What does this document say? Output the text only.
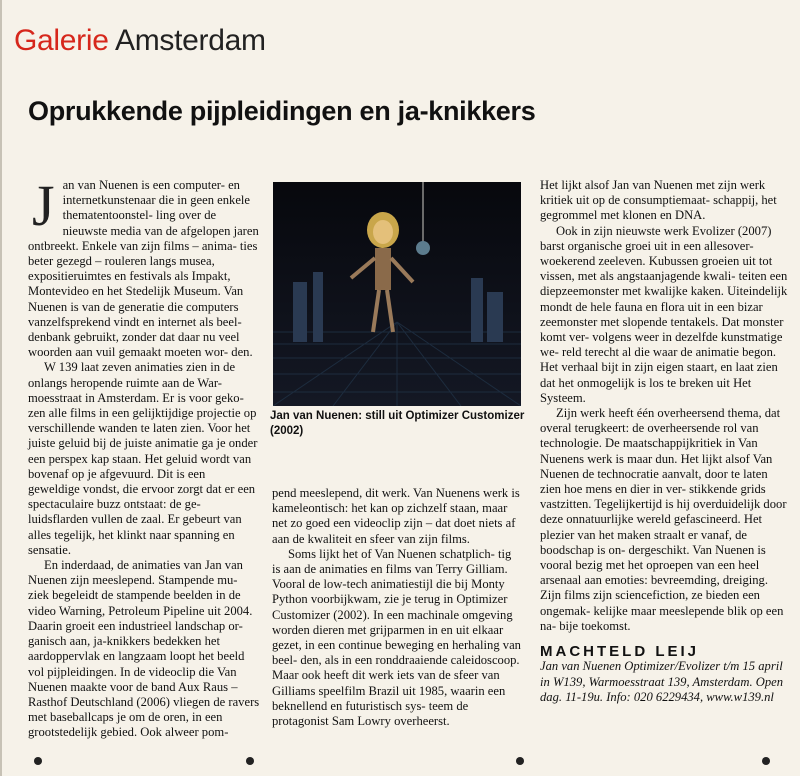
Galerie Amsterdam
Oprukkende pijpleidingen en ja-knikkers
J an van Nuenen is een computer- en internetkunstenaar die in geen enkele thematentoonstel- ling over de nieuwste media van de afgelopen jaren ontbreekt. Enkele van zijn films – anima- ties beter gezegd – rouleren langs musea, expositieruimtes en festivals als Impakt, Montevideo en het Stedelijk Museum. Van Nuenen is van de generatie die computers vanzelfsprekend vindt en internet als beel- denbank gebruikt, zonder dat daar nu veel woorden aan vuil gemaakt moeten wor- den.

W 139 laat zeven animaties zien in de onlangs heropende ruimte aan de War- moesstraat in Amsterdam. Er is voor geko- zen alle films in een gelijktijdige projectie op verschillende wanden te laten zien. Voor het juiste geluid bij de juiste animatie ga je onder een perspex kap staan. Het geluid wordt van bovenaf op je afgevuurd. Dit is een geweldige vondst, die ervoor zorgt dat er een spectaculaire buzz ontstaat: de ge- luidsflarden vullen de zaal. Er gebeurt van alles tegelijk, het klinkt naar spanning en sensatie.

En inderdaad, de animaties van Jan van Nuenen zijn meeslepend. Stampende mu- ziek begeleidt de stampende beelden in de video Warning, Petroleum Pipeline uit 2004. Daarin groeit een industrieel landschap or- ganisch aan, ja-knikkers bedekken het aardoppervlak en langzaam loopt het beeld vol pijpleidingen. In de videoclip die Van Nuenen maakte voor de band Aux Raus – Rasthof Deutschland (2006) vliegen de ravers met baseballcaps je om de oren, in een grootstedelijk gebied. Ook alweer pom-

Jan van Nuenen: still uit Optimizer Customizer (2002)

pend meeslepend, dit werk. Van Nuenens werk is kameleontisch: het kan op zichzelf staan, maar net zo goed een videoclip zijn – dat doet niets af aan de kwaliteit en sfeer van zijn films.

Soms lijkt het of Van Nuenen schatplich- tig is aan de animaties en films van Terry Gilliam. Vooral de low-tech animatiestijl die bij Monty Python voorbijkwam, zie je terug in Optimizer Customizer (2002). In een machinale omgeving worden dieren met grijparmen in en uit elkaar gezet, in een continue beweging en herhaling van beel- den, als in een ronddraaiende caleidoscoop. Maar ook heeft dit werk iets van de sfeer van Gilliams speelfilm Brazil uit 1985, waarin een beknellend en futuristisch sys- teem de protagonist Sam Lowry overheerst.

Het lijkt alsof Jan van Nuenen met zijn werk kritiek uit op de consumptiemaat- schappij, het gegrommel met klonen en DNA.

Ook in zijn nieuwste werk Evolizer (2007) barst organische groei uit in een allesover- woekerend zeeleven. Kubussen groeien uit tot vissen, met als angstaanjagende kwali- teiten een diepzeemonster met kwalijke kaken. Uiteindelijk mondt de hele fauna en flora uit in een bizar zeemonster met slopende tentakels. Dat monster komt ver- volgens weer in dezelfde kunstmatige we- reld terecht al die waar de animatie begon. Het verhaal bijt in zijn eigen staart, en laat zien dat het onmogelijk is los te breken uit Het Systeem.

Zijn werk heeft één overheersend thema, dat overal terugkeert: de overheersende rol van technologie. De maatschappijkritiek in Van Nuenens werk is maar dun. Het lijkt alsof Van Nuenen de technocratie aanvalt, door te laten zien hoe mens en dier in ver- stikkende grids vastzitten. Tegelijkertijd is hij overduidelijk door deze onnatuurlijke wereld gefascineerd. Het plezier van het maken straalt er vanaf, de boodschap is on- dergeschikt. Van Nuenen is vooral bezig met het oproepen van een heel arsenaal aan emoties: bevreemding, dreiging. Zijn films zijn sciencefiction, ze bieden een ongemak- kelijke maar meeslepende blik op een na- bije toekomst.

MACHTELD LEIJ

Jan van Nuenen Optimizer/Evolizer t/m 15 april in W139, Warmoesstraat 139, Amsterdam. Open dag. 11-19u. Info: 020 6229434, www.w139.nl
